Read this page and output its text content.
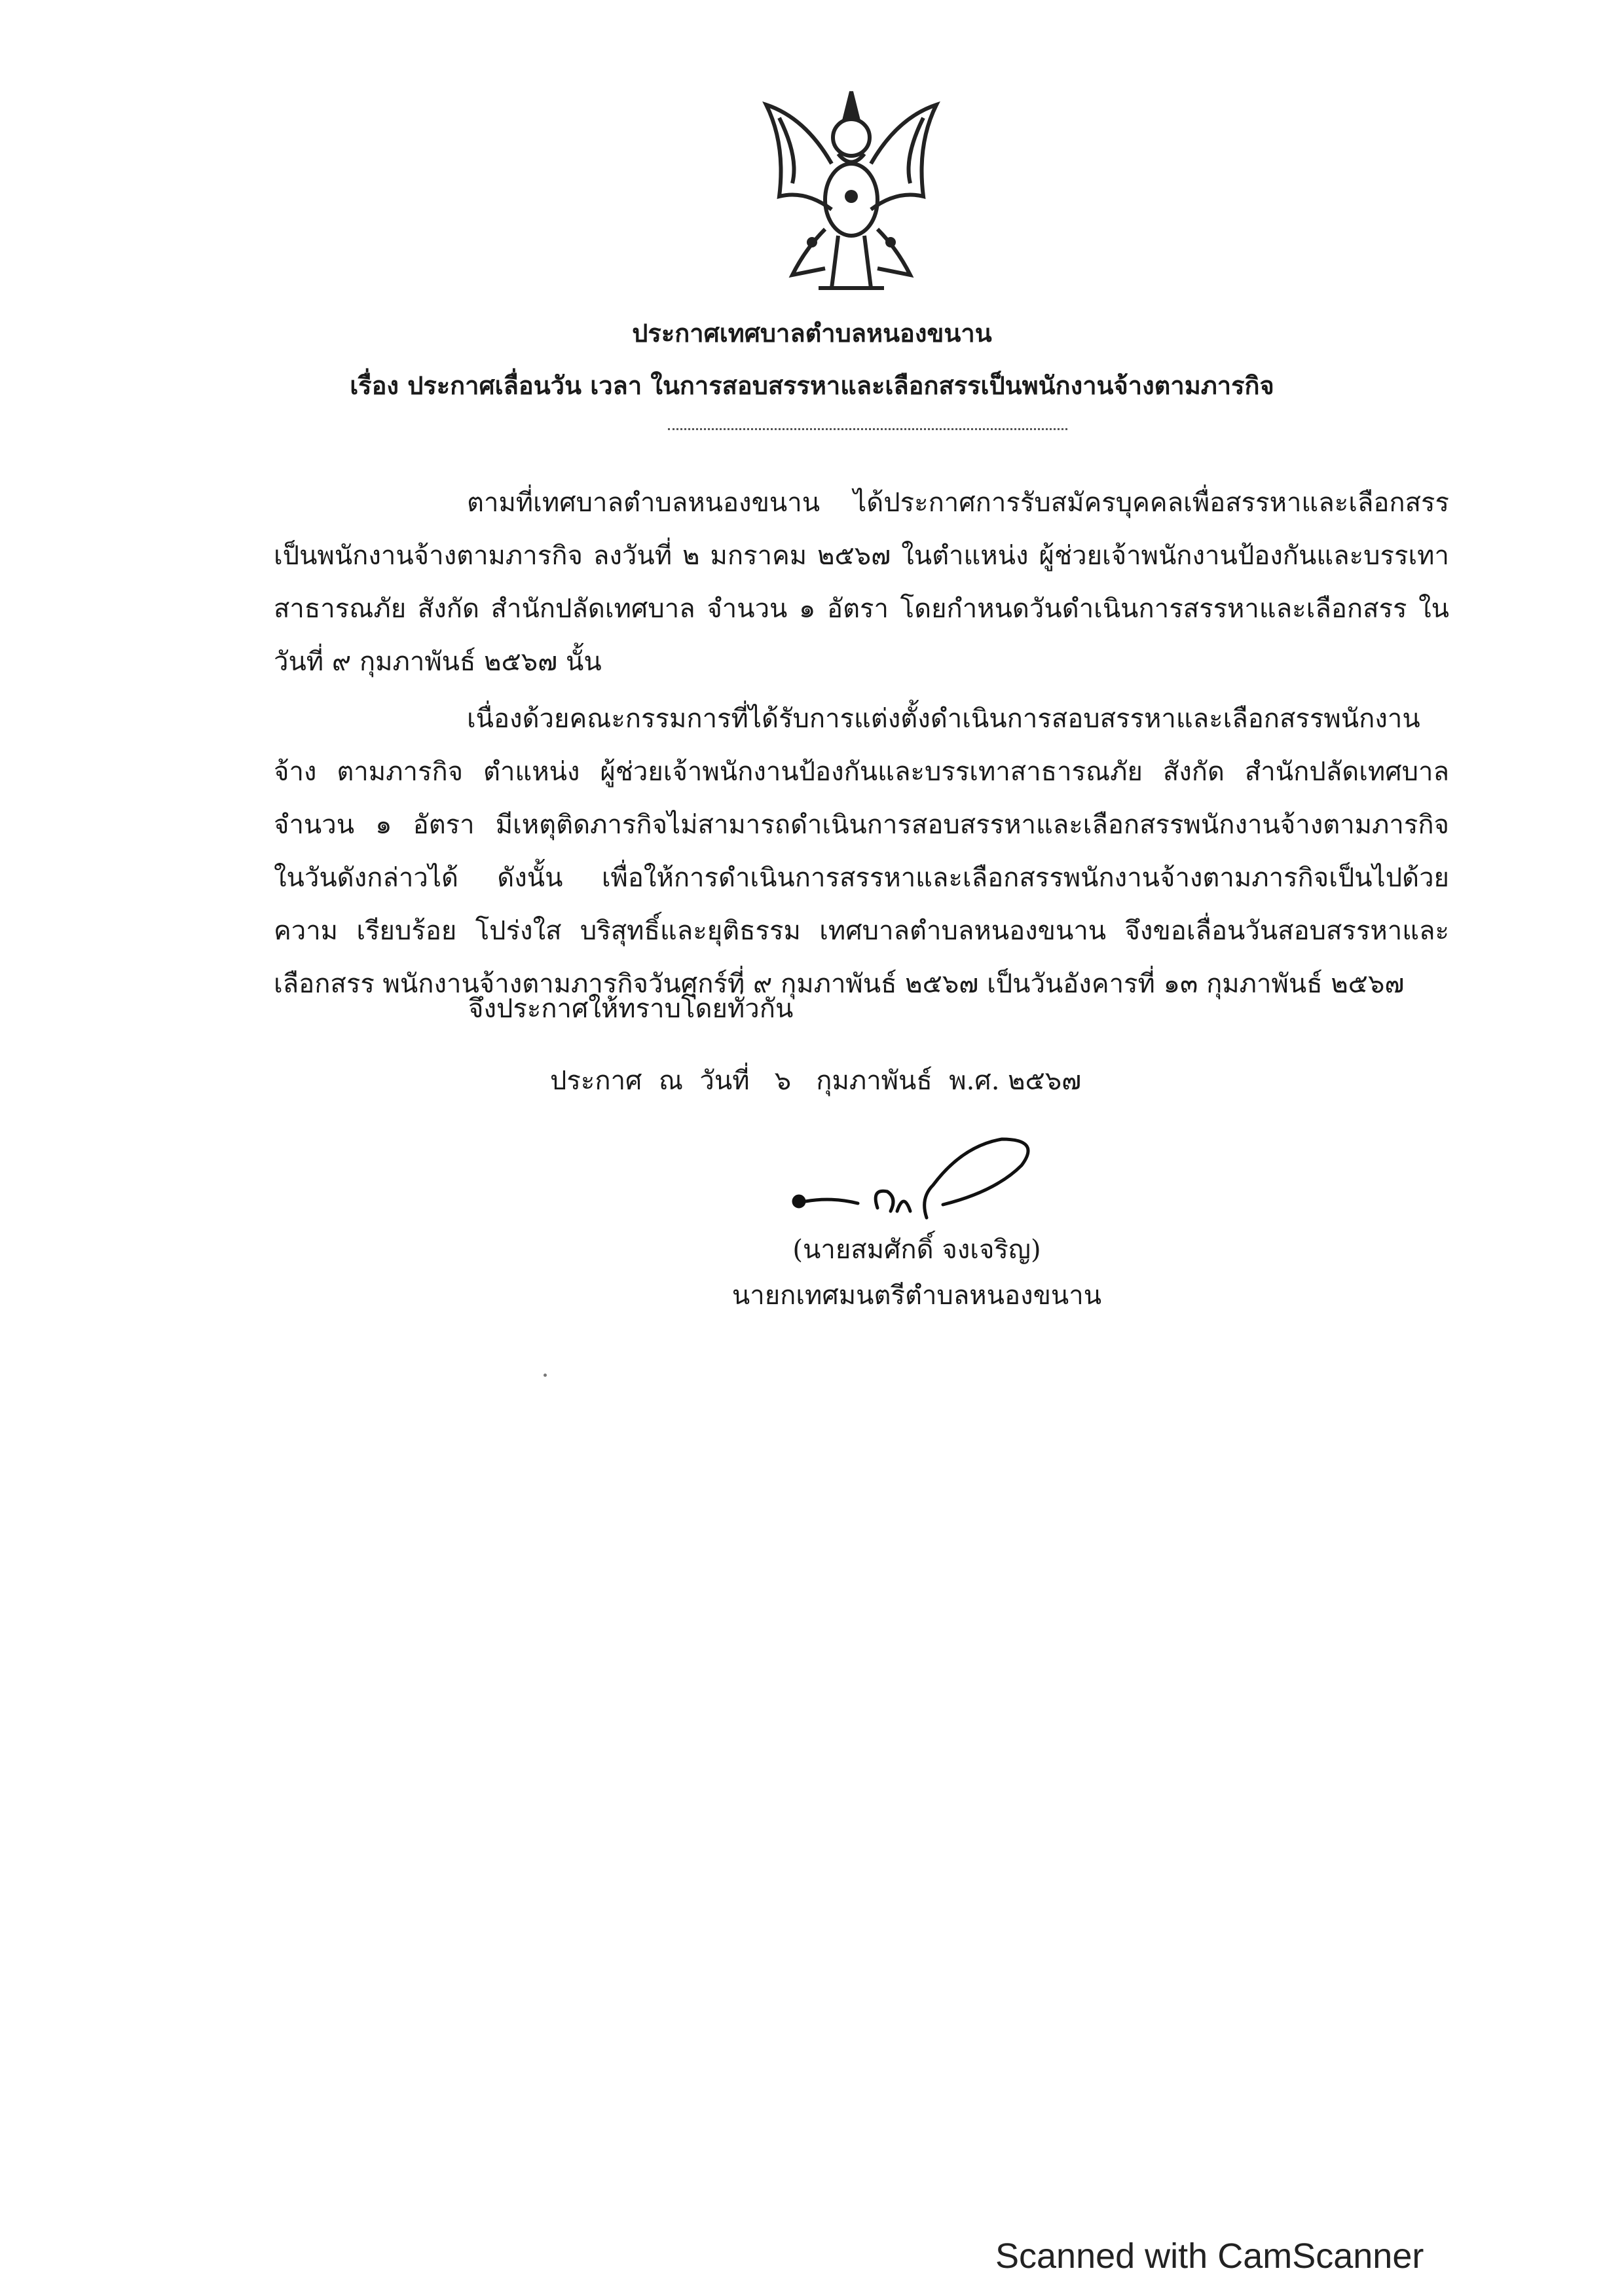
ประกาศเทศบาลตำบลหนองขนาน
เรื่อง ประกาศเลื่อนวัน เวลา ในการสอบสรรหาและเลือกสรรเป็นพนักงานจ้างตามภารกิจ
ตามที่เทศบาลตำบลหนองขนาน ได้ประกาศการรับสมัครบุคคลเพื่อสรรหาและเลือกสรร เป็นพนักงานจ้างตามภารกิจ ลงวันที่ ๒ มกราคม ๒๕๖๗ ในตำแหน่ง ผู้ช่วยเจ้าพนักงานป้องกันและบรรเทา สาธารณภัย สังกัด สำนักปลัดเทศบาล จำนวน ๑ อัตรา โดยกำหนดวันดำเนินการสรรหาและเลือกสรร ในวันที่ ๙ กุมภาพันธ์ ๒๕๖๗ นั้น
เนื่องด้วยคณะกรรมการที่ได้รับการแต่งตั้งดำเนินการสอบสรรหาและเลือกสรรพนักงานจ้าง ตามภารกิจ ตำแหน่ง ผู้ช่วยเจ้าพนักงานป้องกันและบรรเทาสาธารณภัย สังกัด สำนักปลัดเทศบาล จำนวน ๑ อัตรา มีเหตุติดภารกิจไม่สามารถดำเนินการสอบสรรหาและเลือกสรรพนักงานจ้างตามภารกิจ ในวันดังกล่าวได้ ดังนั้น เพื่อให้การดำเนินการสรรหาและเลือกสรรพนักงานจ้างตามภารกิจเป็นไปด้วยความ เรียบร้อย โปร่งใส บริสุทธิ์และยุติธรรม เทศบาลตำบลหนองขนาน จึงขอเลื่อนวันสอบสรรหาและเลือกสรร พนักงานจ้างตามภารกิจวันศุกร์ที่ ๙ กุมภาพันธ์ ๒๕๖๗ เป็นวันอังคารที่ ๑๓ กุมภาพันธ์ ๒๕๖๗
จึงประกาศให้ทราบโดยทั่วกัน
ประกาศ  ณ  วันที่   ๖   กุมภาพันธ์  พ.ศ. ๒๕๖๗
(นายสมศักดิ์ จงเจริญ)
นายกเทศมนตรีตำบลหนองขนาน
Scanned with CamScanner
